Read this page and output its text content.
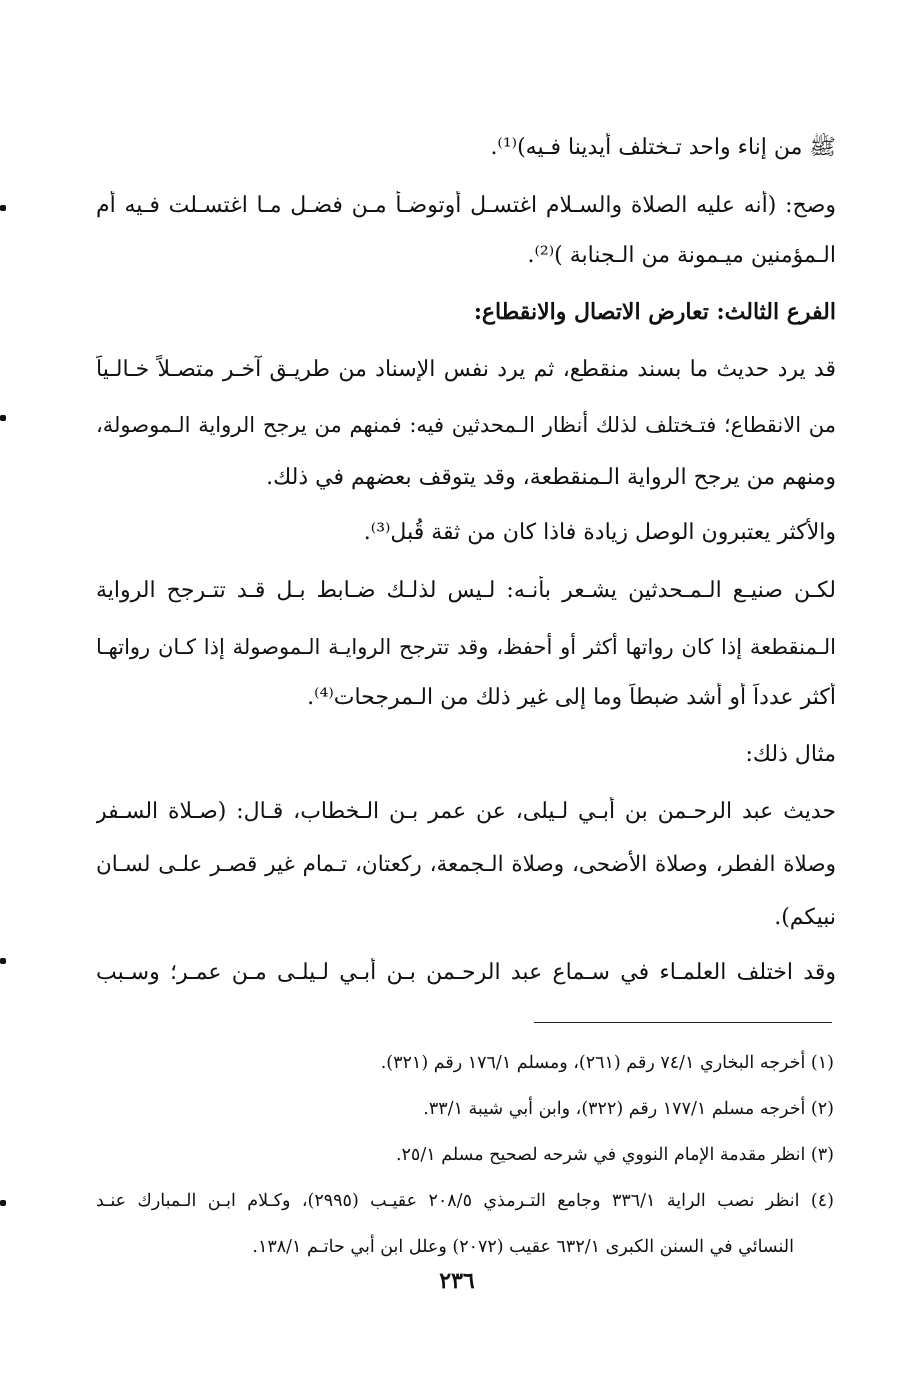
ﷺ من إناء واحد تـختلف أيدينا فـيه)⁽¹⁾.
وصح: (أنه عليه الصلاة والسـلام اغتسـل أوتوضـأ مـن فضـل مـا اغتسـلت فـيه أم
الـمؤمنين ميـمونة من الـجنابة )⁽²⁾.
الفرع الثالث: تعارض الاتصال والانقطاع:
قد يرد حديث ما بسند منقطع، ثم يرد نفس الإسناد من طريـق آخـر متصـلاً خـالـياً
من الانقطاع؛ فتـختلف لذلك أنظار الـمحدثين فيه: فمنهم من يرجح الرواية الـموصولة،
ومنهم من يرجح الرواية الـمنقطعة، وقد يتوقف بعضهم في ذلك.
والأكثر يعتبرون الوصل زيادة فاذا كان من ثقة قُبل⁽³⁾.
لكـن صنيـع الـمـحدثين يشـعر بأنـه: لـيس لذلـك ضـابط بـل قـد تتـرجح الرواية
الـمنقطعة إذا كان رواتها أكثر أو أحفظ، وقد تترجح الروايـة الـموصولة إذا كـان رواتهـا
أكثر عدداً أو أشد ضبطاً وما إلى غير ذلك من الـمرجحات⁽⁴⁾.
مثال ذلك:
حديث عبد الرحـمن بن أبـي لـيلى، عن عمر بـن الـخطاب، قـال: (صـلاة السـفر
وصلاة الفطر، وصلاة الأضحى، وصلاة الـجمعة، ركعتان، تـمام غير قصـر علـى لسـان
نبيكم).
وقد اختلف العلمـاء في سـماع عبد الرحـمن بـن أبـي لـيلـى مـن عمـر؛ وسـبب
(١) أخرجه البخاري ٧٤/١ رقم (٢٦١)، ومسلم ١٧٦/١ رقم (٣٢١).
(٢) أخرجه مسلم ١٧٧/١ رقم (٣٢٢)، وابن أبي شيبة ٣٣/١.
(٣) انظر مقدمة الإمام النووي في شرحه لصحيح مسلم ٢٥/١.
(٤) انظر نصب الراية ٣٣٦/١ وجامع التـرمذي ٢٠٨/٥ عقيـب (٢٩٩٥)، وكـلام ابـن الـمبارك عنـد
النسائي في السنن الكبرى ٦٣٢/١ عقيب (٢٠٧٢) وعلل ابن أبي حاتـم ١٣٨/١.
٢٣٦
